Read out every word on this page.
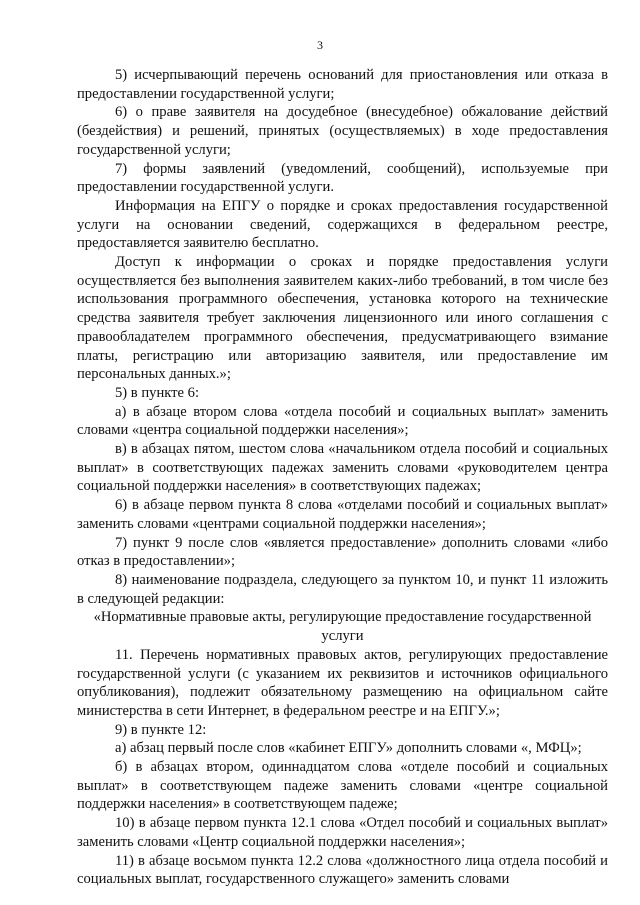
3

5) исчерпывающий перечень оснований для приостановления или отказа в предоставлении государственной услуги;

6) о праве заявителя на досудебное (внесудебное) обжалование действий (бездействия) и решений, принятых (осуществляемых) в ходе предоставления государственной услуги;

7) формы заявлений (уведомлений, сообщений), используемые при предоставлении государственной услуги.

Информация на ЕПГУ о порядке и сроках предоставления государственной услуги на основании сведений, содержащихся в федеральном реестре, предоставляется заявителю бесплатно.

Доступ к информации о сроках и порядке предоставления услуги осуществляется без выполнения заявителем каких-либо требований, в том числе без использования программного обеспечения, установка которого на технические средства заявителя требует заключения лицензионного или иного соглашения с правообладателем программного обеспечения, предусматривающего взимание платы, регистрацию или авторизацию заявителя, или предоставление им персональных данных.»;

5) в пункте 6:

а) в абзаце втором слова «отдела пособий и социальных выплат» заменить словами «центра социальной поддержки населения»;

в) в абзацах пятом, шестом слова «начальником отдела пособий и социальных выплат» в соответствующих падежах заменить словами «руководителем центра социальной поддержки населения» в соответствующих падежах;

6) в абзаце первом пункта 8 слова «отделами пособий и социальных выплат» заменить словами «центрами социальной поддержки населения»;

7) пункт 9 после слов «является предоставление» дополнить словами «либо отказ в предоставлении»;

8) наименование подраздела, следующего за пунктом 10, и пункт 11 изложить в следующей редакции:

«Нормативные правовые акты, регулирующие предоставление государственной услуги

11. Перечень нормативных правовых актов, регулирующих предоставление государственной услуги (с указанием их реквизитов и источников официального опубликования), подлежит обязательному размещению на официальном сайте министерства в сети Интернет, в федеральном реестре и на ЕПГУ.»;

9) в пункте 12:

а) абзац первый после слов «кабинет ЕПГУ» дополнить словами «, МФЦ»;

б) в абзацах втором, одиннадцатом слова «отделе пособий и социальных выплат» в соответствующем падеже заменить словами «центре социальной поддержки населения» в соответствующем падеже;

10) в абзаце первом пункта 12.1 слова «Отдел пособий и социальных выплат» заменить словами «Центр социальной поддержки населения»;

11) в абзаце восьмом пункта 12.2 слова «должностного лица отдела пособий и социальных выплат, государственного служащего» заменить словами
